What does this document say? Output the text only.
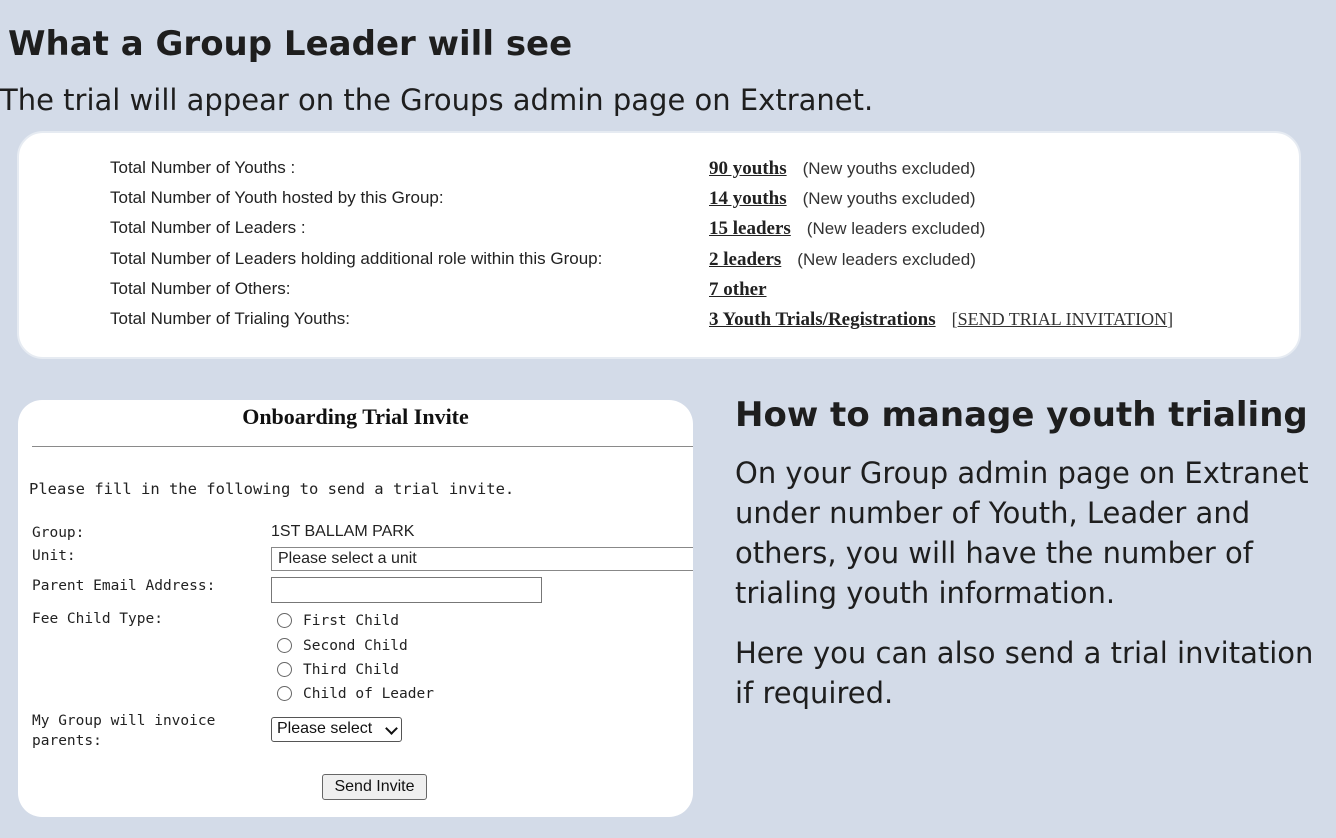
What a Group Leader will see

The trial will appear on the Groups admin page on Extranet.

Total Number of Youths :	90 youths (New youths excluded)
Total Number of Youth hosted by this Group:	14 youths (New youths excluded)
Total Number of Leaders :	15 leaders (New leaders excluded)
Total Number of Leaders holding additional role within this Group:	2 leaders (New leaders excluded)
Total Number of Others:	7 other
Total Number of Trialing Youths:	3 Youth Trials/Registrations [SEND TRIAL INVITATION]
Onboarding Trial Invite
Please fill in the following to send a trial invite.
Group:	1ST BALLAM PARK
Unit:	Please select a unit
Parent Email Address:
Fee Child Type:	First Child
Second Child
Third Child
Child of Leader
My Group will invoice
parents:
Please select
Send Invite
How to manage youth trialing

On your Group admin page on Extranet under number of Youth, Leader and others, you will have the number of trialing youth information.

Here you can also send a trial invitation if required.
